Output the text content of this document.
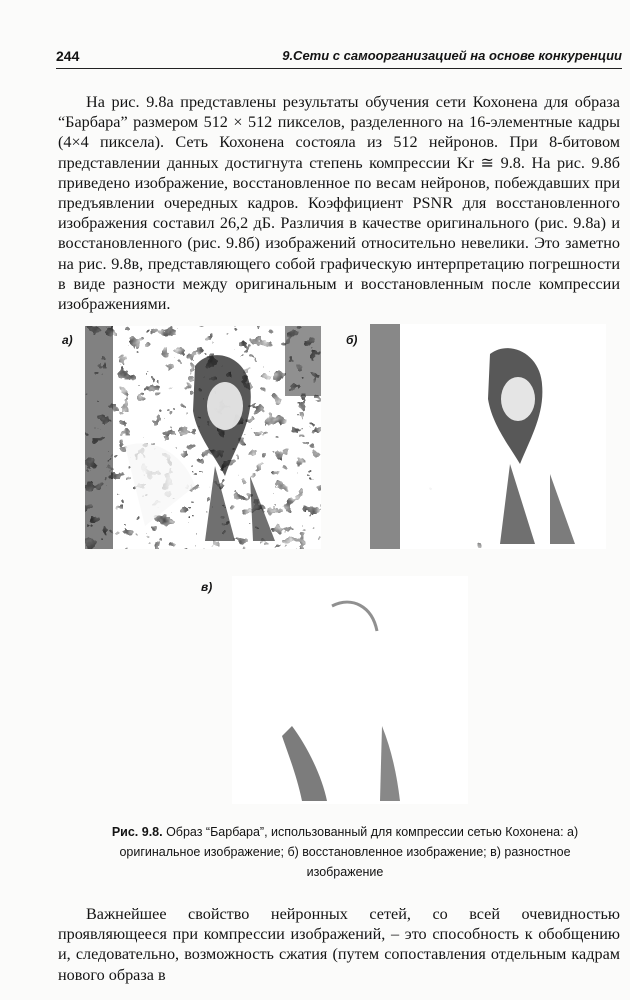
244	9.Сети с самоорганизацией на основе конкуренции
На рис. 9.8а представлены результаты обучения сети Кохонена для образа “Барбара” размером 512 × 512 пикселов, разделенного на 16-элементные кадры (4×4 пиксела). Сеть Кохонена состояла из 512 нейронов. При 8-битовом представлении данных достигнута степень компрессии Kr ≅ 9.8. На рис. 9.8б приведено изображение, восстановленное по весам нейронов, побеждавших при предъявлении очередных кадров. Коэффициент PSNR для восстановленного изображения составил 26,2 дБ. Различия в качестве оригинального (рис. 9.8а) и восстановленного (рис. 9.8б) изображений относительно невелики. Это заметно на рис. 9.8в, представляющего собой графическую интерпретацию погрешности в виде разности между оригинальным и восстановленным после компрессии изображениями.
а)	б)
в)
Рис. 9.8. Образ “Барбара”, использованный для компрессии сетью Кохонена: а) оригинальное изображение; б) восстановленное изображение; в) разностное изображение
Важнейшее свойство нейронных сетей, со всей очевидностью проявляющееся при компрессии изображений, – это способность к обобщению и, следовательно, возможность сжатия (путем сопоставления отдельным кадрам нового образа в
